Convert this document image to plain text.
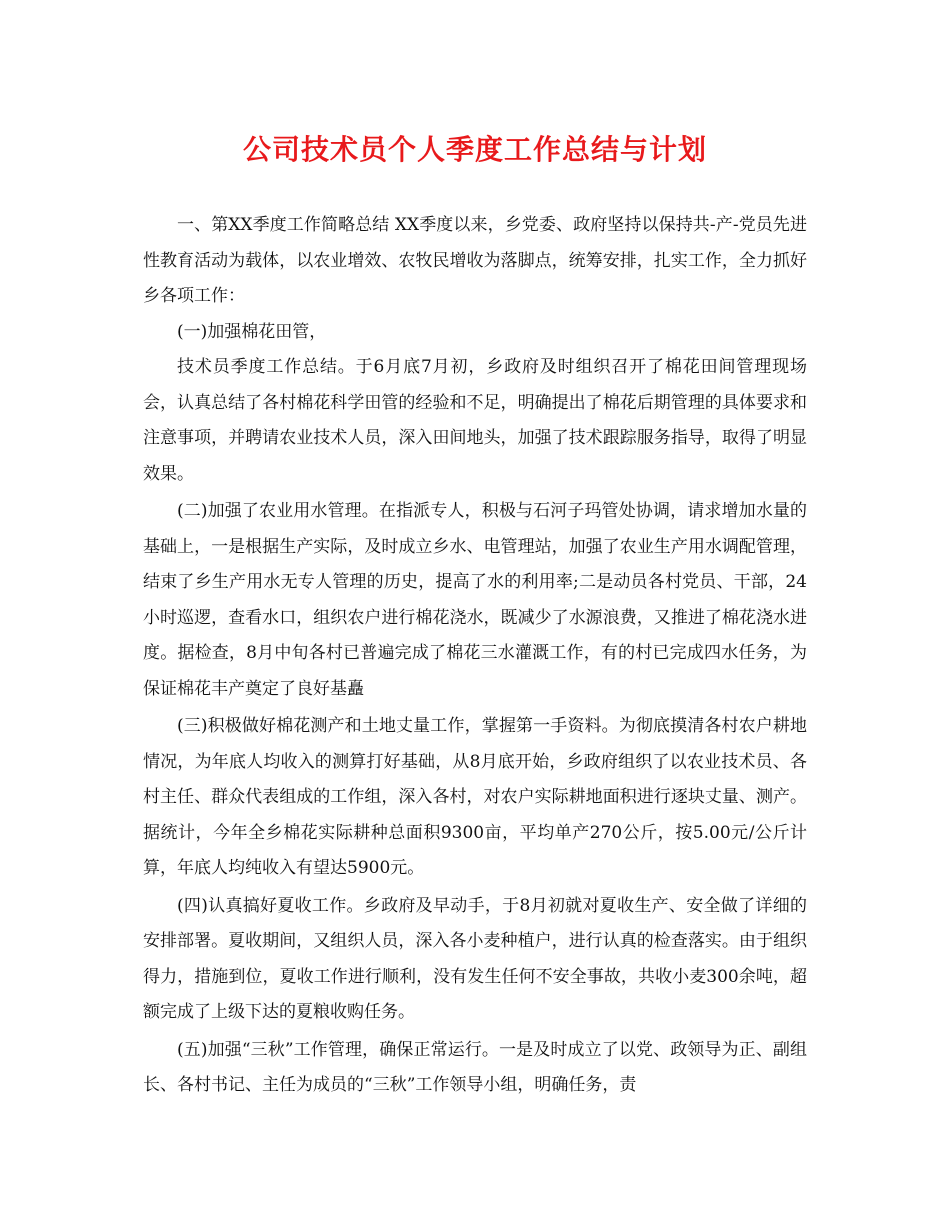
公司技术员个人季度工作总结与计划

一、第XX季度工作简略总结 XX季度以来，乡党委、政府坚持以保持共-产-党员先进性教育活动为载体，以农业增效、农牧民增收为落脚点，统筹安排，扎实工作，全力抓好乡各项工作：

(一)加强棉花田管，

技术员季度工作总结。于6月底7月初，乡政府及时组织召开了棉花田间管理现场会，认真总结了各村棉花科学田管的经验和不足，明确提出了棉花后期管理的具体要求和注意事项，并聘请农业技术人员，深入田间地头，加强了技术跟踪服务指导，取得了明显效果。

(二)加强了农业用水管理。在指派专人，积极与石河子玛管处协调，请求增加水量的基础上，一是根据生产实际，及时成立乡水、电管理站，加强了农业生产用水调配管理，结束了乡生产用水无专人管理的历史，提高了水的利用率;二是动员各村党员、干部，24小时巡逻，查看水口，组织农户进行棉花浇水，既减少了水源浪费，又推进了棉花浇水进度。据检查，8月中旬各村已普遍完成了棉花三水灌溉工作，有的村已完成四水任务，为保证棉花丰产奠定了良好基矗

(三)积极做好棉花测产和土地丈量工作，掌握第一手资料。为彻底摸清各村农户耕地情况，为年底人均收入的测算打好基础，从8月底开始，乡政府组织了以农业技术员、各村主任、群众代表组成的工作组，深入各村，对农户实际耕地面积进行逐块丈量、测产。据统计，今年全乡棉花实际耕种总面积9300亩，平均单产270公斤，按5.00元/公斤计算，年底人均纯收入有望达5900元。

(四)认真搞好夏收工作。乡政府及早动手，于8月初就对夏收生产、安全做了详细的安排部署。夏收期间，又组织人员，深入各小麦种植户，进行认真的检查落实。由于组织得力，措施到位，夏收工作进行顺利，没有发生任何不安全事故，共收小麦300余吨，超额完成了上级下达的夏粮收购任务。

(五)加强“三秋”工作管理，确保正常运行。一是及时成立了以党、政领导为正、副组长、各村书记、主任为成员的“三秋”工作领导小组，明确任务，责
